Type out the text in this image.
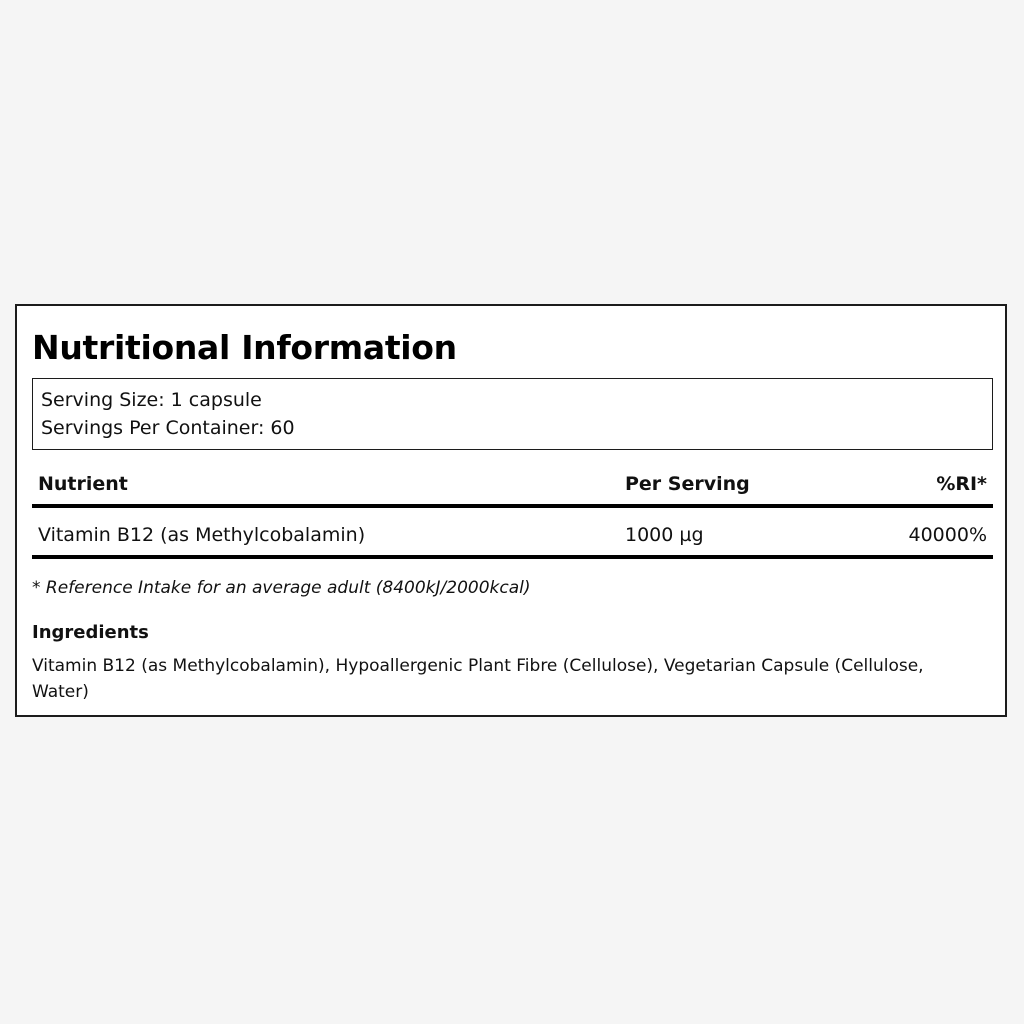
Nutritional Information
Serving Size: 1 capsule
Servings Per Container: 60
Nutrient	Per Serving	%RI*
Vitamin B12 (as Methylcobalamin)	1000 µg	40000%
* Reference Intake for an average adult (8400kJ/2000kcal)
Ingredients

Vitamin B12 (as Methylcobalamin), Hypoallergenic Plant Fibre (Cellulose), Vegetarian Capsule (Cellulose, Water)
